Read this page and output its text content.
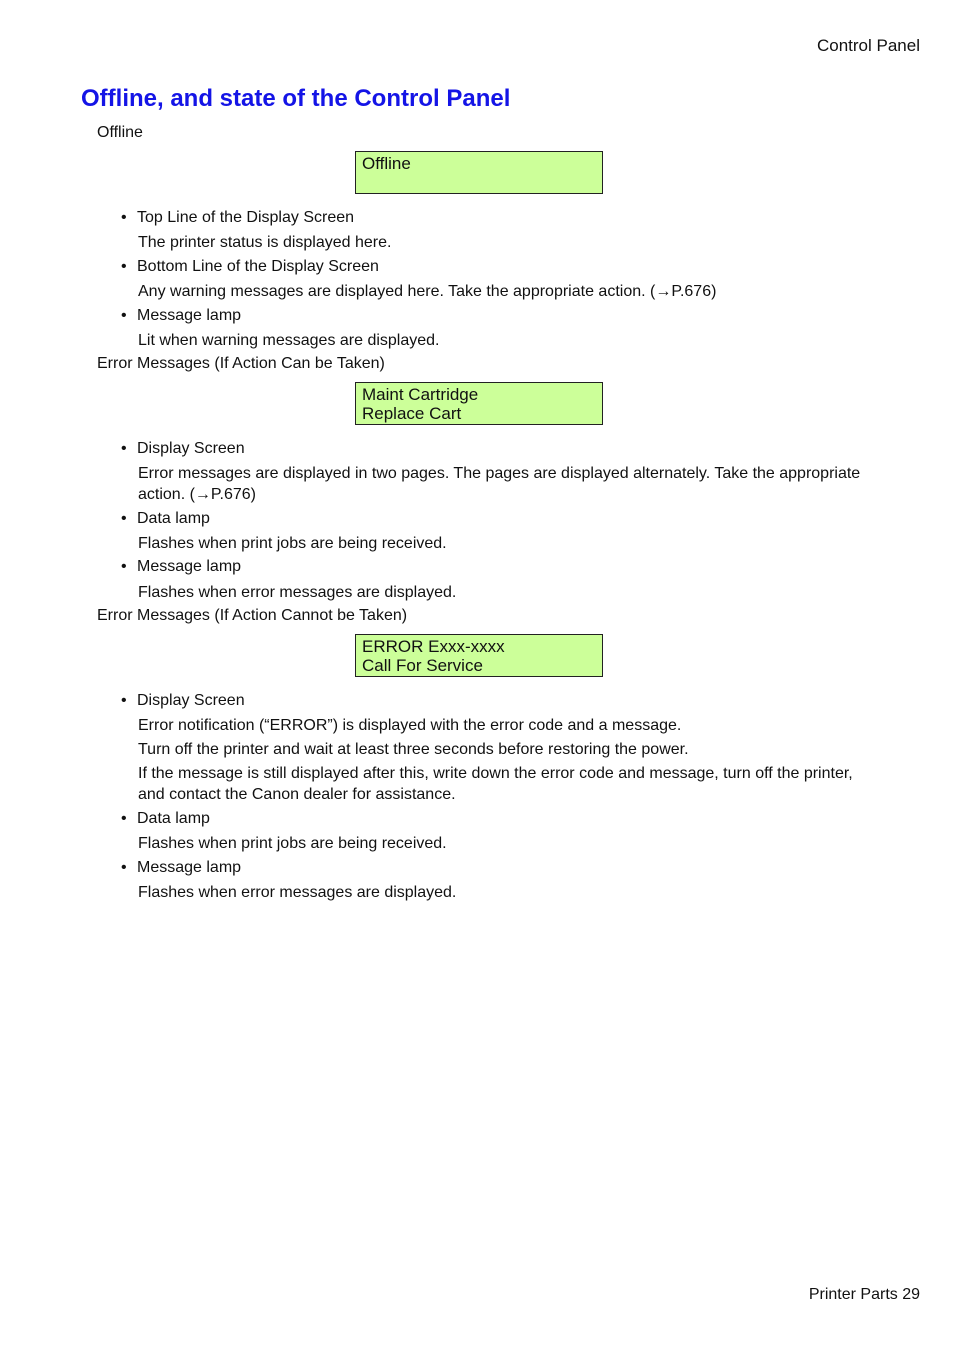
Control Panel
Offline, and state of the Control Panel
Offline
Offline
• Top Line of the Display Screen
The printer status is displayed here.
• Bottom Line of the Display Screen
Any warning messages are displayed here. Take the appropriate action. (→P.676)
• Message lamp
Lit when warning messages are displayed.
Error Messages (If Action Can be Taken)
Maint Cartridge
Replace Cart
• Display Screen
Error messages are displayed in two pages. The pages are displayed alternately. Take the appropriate action. (→P.676)
• Data lamp
Flashes when print jobs are being received.
• Message lamp
Flashes when error messages are displayed.
Error Messages (If Action Cannot be Taken)
ERROR Exxx-xxxx
Call For Service
• Display Screen
Error notification (“ERROR”) is displayed with the error code and a message.
Turn off the printer and wait at least three seconds before restoring the power.
If the message is still displayed after this, write down the error code and message, turn off the printer, and contact the Canon dealer for assistance.
• Data lamp
Flashes when print jobs are being received.
• Message lamp
Flashes when error messages are displayed.
Printer Parts 29
